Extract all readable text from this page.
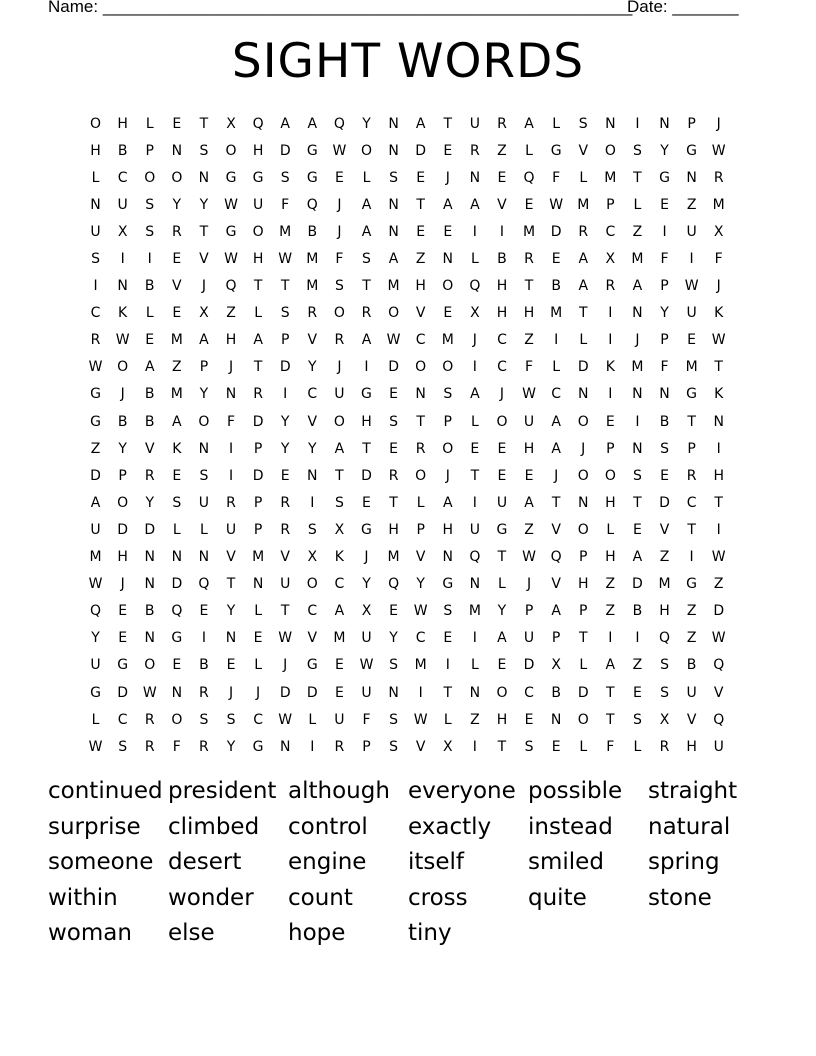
Name: ________________________________________________________
Date: _______
SIGHT WORDS
O	H	L	E	T	X	Q	A	A	Q	Y	N	A	T	U	R	A	L	S	N	I	N	P	J
H	B	P	N	S	O	H	D	G	W	O	N	D	E	R	Z	L	G	V	O	S	Y	G	W
L	C	O	O	N	G	G	S	G	E	L	S	E	J	N	E	Q	F	L	M	T	G	N	R
N	U	S	Y	Y	W	U	F	Q	J	A	N	T	A	A	V	E	W	M	P	L	E	Z	M
U	X	S	R	T	G	O	M	B	J	A	N	E	E	I	I	M	D	R	C	Z	I	U	X
S	I	I	E	V	W	H	W	M	F	S	A	Z	N	L	B	R	E	A	X	M	F	I	F
I	N	B	V	J	Q	T	T	M	S	T	M	H	O	Q	H	T	B	A	R	A	P	W	J
C	K	L	E	X	Z	L	S	R	O	R	O	V	E	X	H	H	M	T	I	N	Y	U	K
R	W	E	M	A	H	A	P	V	R	A	W	C	M	J	C	Z	I	L	I	J	P	E	W
W	O	A	Z	P	J	T	D	Y	J	I	D	O	O	I	C	F	L	D	K	M	F	M	T
G	J	B	M	Y	N	R	I	C	U	G	E	N	S	A	J	W	C	N	I	N	N	G	K
G	B	B	A	O	F	D	Y	V	O	H	S	T	P	L	O	U	A	O	E	I	B	T	N
Z	Y	V	K	N	I	P	Y	Y	A	T	E	R	O	E	E	H	A	J	P	N	S	P	I
D	P	R	E	S	I	D	E	N	T	D	R	O	J	T	E	E	J	O	O	S	E	R	H
A	O	Y	S	U	R	P	R	I	S	E	T	L	A	I	U	A	T	N	H	T	D	C	T
U	D	D	L	L	U	P	R	S	X	G	H	P	H	U	G	Z	V	O	L	E	V	T	I
M	H	N	N	N	V	M	V	X	K	J	M	V	N	Q	T	W	Q	P	H	A	Z	I	W
W	J	N	D	Q	T	N	U	O	C	Y	Q	Y	G	N	L	J	V	H	Z	D	M	G	Z
Q	E	B	Q	E	Y	L	T	C	A	X	E	W	S	M	Y	P	A	P	Z	B	H	Z	D
Y	E	N	G	I	N	E	W	V	M	U	Y	C	E	I	A	U	P	T	I	I	Q	Z	W
U	G	O	E	B	E	L	J	G	E	W	S	M	I	L	E	D	X	L	A	Z	S	B	Q
G	D	W	N	R	J	J	D	D	E	U	N	I	T	N	O	C	B	D	T	E	S	U	V
L	C	R	O	S	S	C	W	L	U	F	S	W	L	Z	H	E	N	O	T	S	X	V	Q
W	S	R	F	R	Y	G	N	I	R	P	S	V	X	I	T	S	E	L	F	L	R	H	U
continued president although everyone possible	straight
surprise	climbed	control	exactly	instead	natural
someone desert	engine	itself	smiled	spring
within	wonder	count	cross	quite	stone
woman	else	hope	tiny
